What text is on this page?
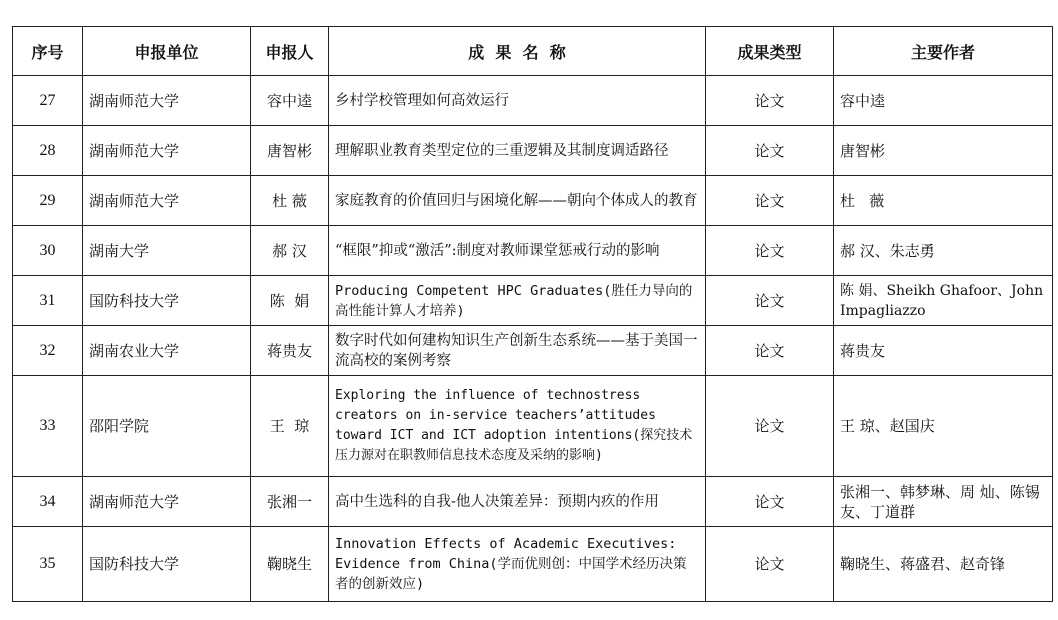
序号	申报单位	申报人	成  果  名  称	成果类型	主要作者
27	湖南师范大学	容中逵	乡村学校管理如何高效运行	论文	容中逵
28	湖南师范大学	唐智彬	理解职业教育类型定位的三重逻辑及其制度调适路径	论文	唐智彬
29	湖南师范大学	杜 薇	家庭教育的价值回归与困境化解——朝向个体成人的教育	论文	杜   薇
30	湖南大学	郝 汉	“框限”抑或“激活”:制度对教师课堂惩戒行动的影响	论文	郝 汉、朱志勇
31	国防科技大学	陈  娟	Producing Competent HPC Graduates(胜任力导向的高性能计算人才培养)	论文	陈 娟、Sheikh Ghafoor、John Impagliazzo
32	湖南农业大学	蒋贵友	数字时代如何建构知识生产创新生态系统——基于美国一流高校的案例考察	论文	蒋贵友
33	邵阳学院	王  琼	Exploring the influence of technostress creators on in-service teachers’attitudes toward ICT and ICT adoption intentions(探究技术压力源对在职教师信息技术态度及采纳的影响)	论文	王 琼、赵国庆
34	湖南师范大学	张湘一	高中生选科的自我-他人决策差异：预期内疚的作用	论文	张湘一、韩梦琳、周 灿、陈锡友、丁道群
35	国防科技大学	鞠晓生	Innovation Effects of Academic Executives: Evidence from China(学而优则创：中国学术经历决策者的创新效应)	论文	鞠晓生、蒋盛君、赵奇锋
